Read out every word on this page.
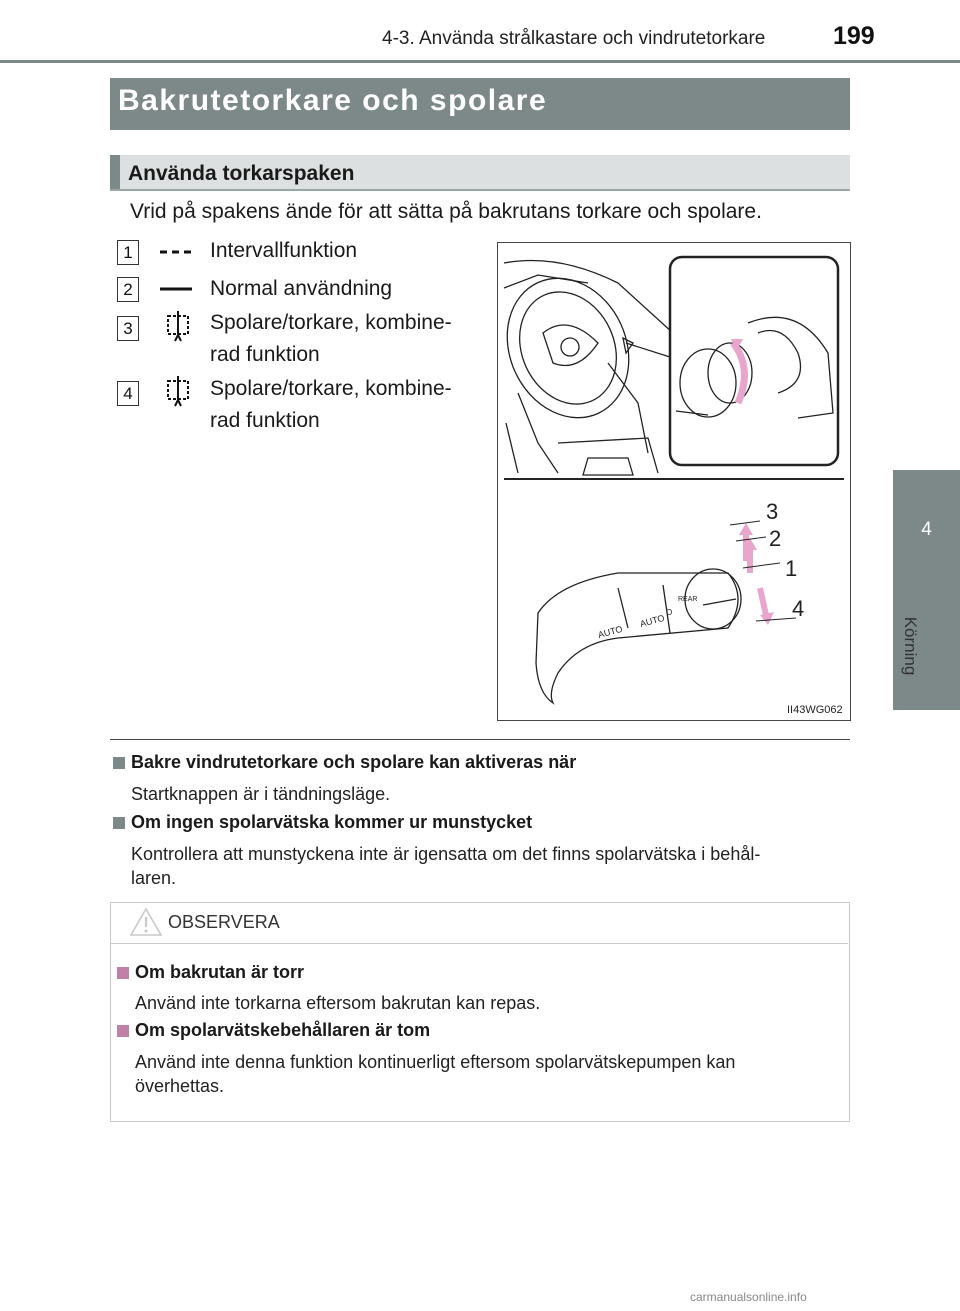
4-3. Använda strålkastare och vindrutetorkare	199
4
Körning
Bakrutetorkare och spolare
Använda torkarspaken
Vrid på spakens ände för att sätta på bakrutans torkare och spolare.
1	Intervallfunktion
2	Normal användning
3	Spolare/torkare, kombine-
rad funktion
4	Spolare/torkare, kombine-
rad funktion
AUTO
AUTO
REAR
O
3
2
1
4
II43WG062
Bakre vindrutetorkare och spolare kan aktiveras när
Startknappen är i tändningsläge.
Om ingen spolarvätska kommer ur munstycket
Kontrollera att munstyckena inte är igensatta om det finns spolarvätska i behål-
laren.
OBSERVERA
Om bakrutan är torr
Använd inte torkarna eftersom bakrutan kan repas.
Om spolarvätskebehållaren är tom
Använd inte denna funktion kontinuerligt eftersom spolarvätskepumpen kan
överhettas.
carmanualsonline.info
